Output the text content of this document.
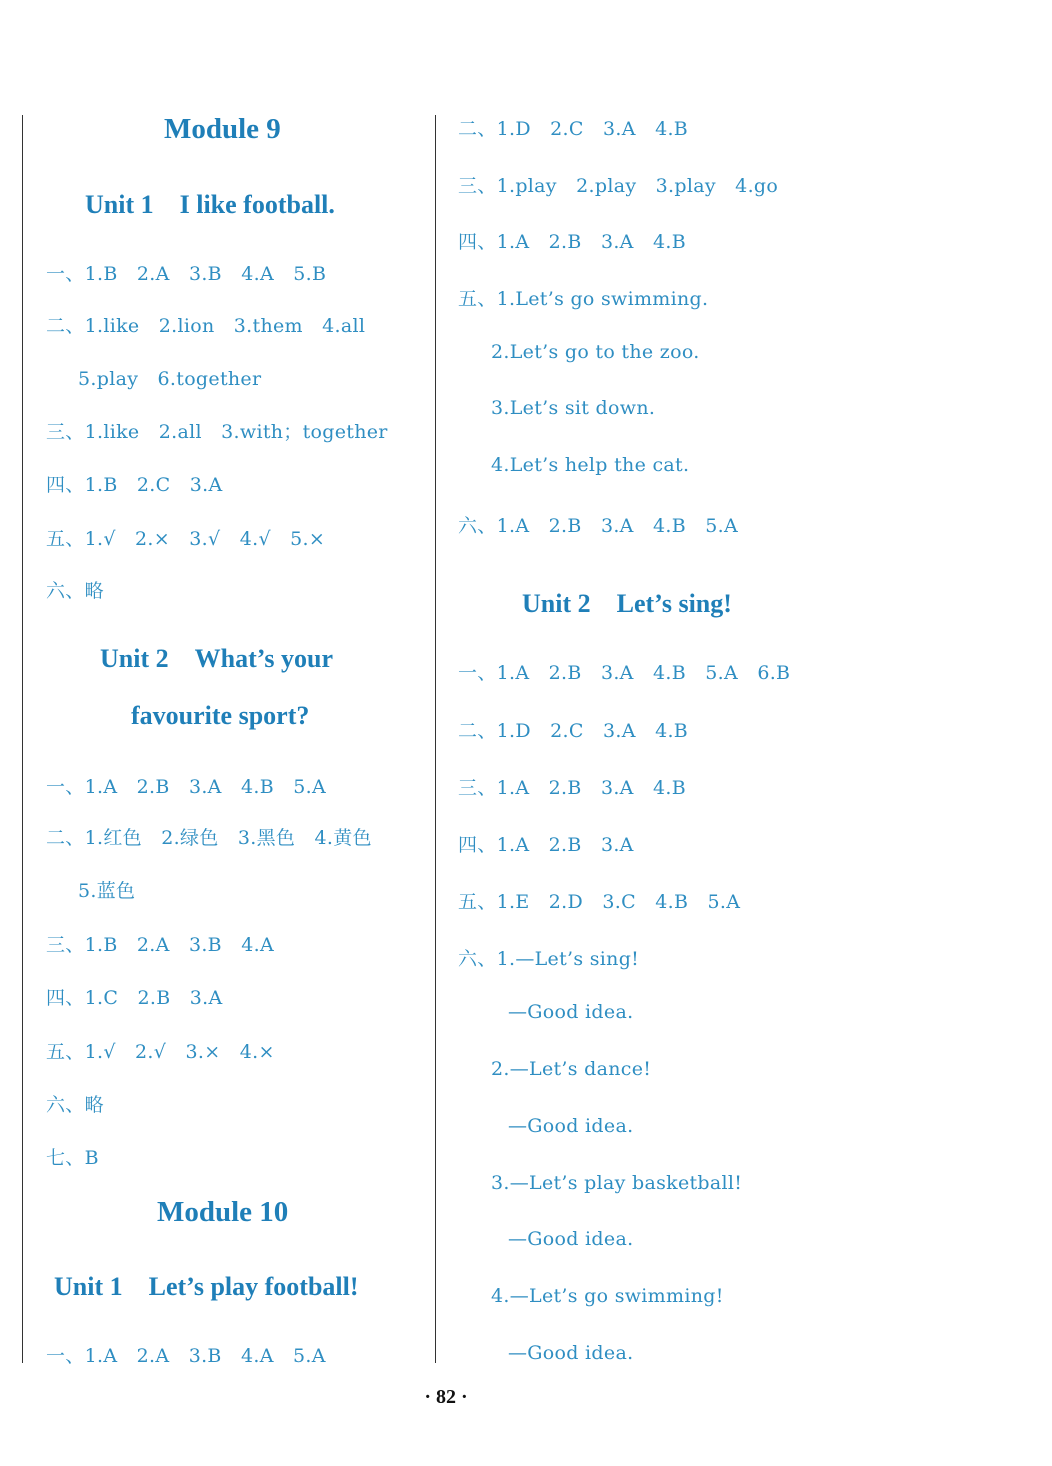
Module 9
Unit 1　I like football.
一、1.B　2.A　3.B　4.A　5.B
二、1.like　2.lion　3.them　4.all
5.play　6.together
三、1.like　2.all　3.with；together
四、1.B　2.C　3.A
五、1.√　2.×　3.√　4.√　5.×
六、略
Unit 2　What’s your
favourite sport?
一、1.A　2.B　3.A　4.B　5.A
二、1.红色　2.绿色　3.黑色　4.黄色
5.蓝色
三、1.B　2.A　3.B　4.A
四、1.C　2.B　3.A
五、1.√　2.√　3.×　4.×
六、略
七、B
Module 10
Unit 1　Let’s play football!
一、1.A　2.A　3.B　4.A　5.A
二、1.D　2.C　3.A　4.B
三、1.play　2.play　3.play　4.go
四、1.A　2.B　3.A　4.B
五、1.Let’s go swimming.
2.Let’s go to the zoo.
3.Let’s sit down.
4.Let’s help the cat.
六、1.A　2.B　3.A　4.B　5.A
Unit 2　Let’s sing!
一、1.A　2.B　3.A　4.B　5.A　6.B
二、1.D　2.C　3.A　4.B
三、1.A　2.B　3.A　4.B
四、1.A　2.B　3.A
五、1.E　2.D　3.C　4.B　5.A
六、1.—Let’s sing!
—Good idea.
2.—Let’s dance!
—Good idea.
3.—Let’s play basketball!
—Good idea.
4.—Let’s go swimming!
—Good idea.
· 82 ·
